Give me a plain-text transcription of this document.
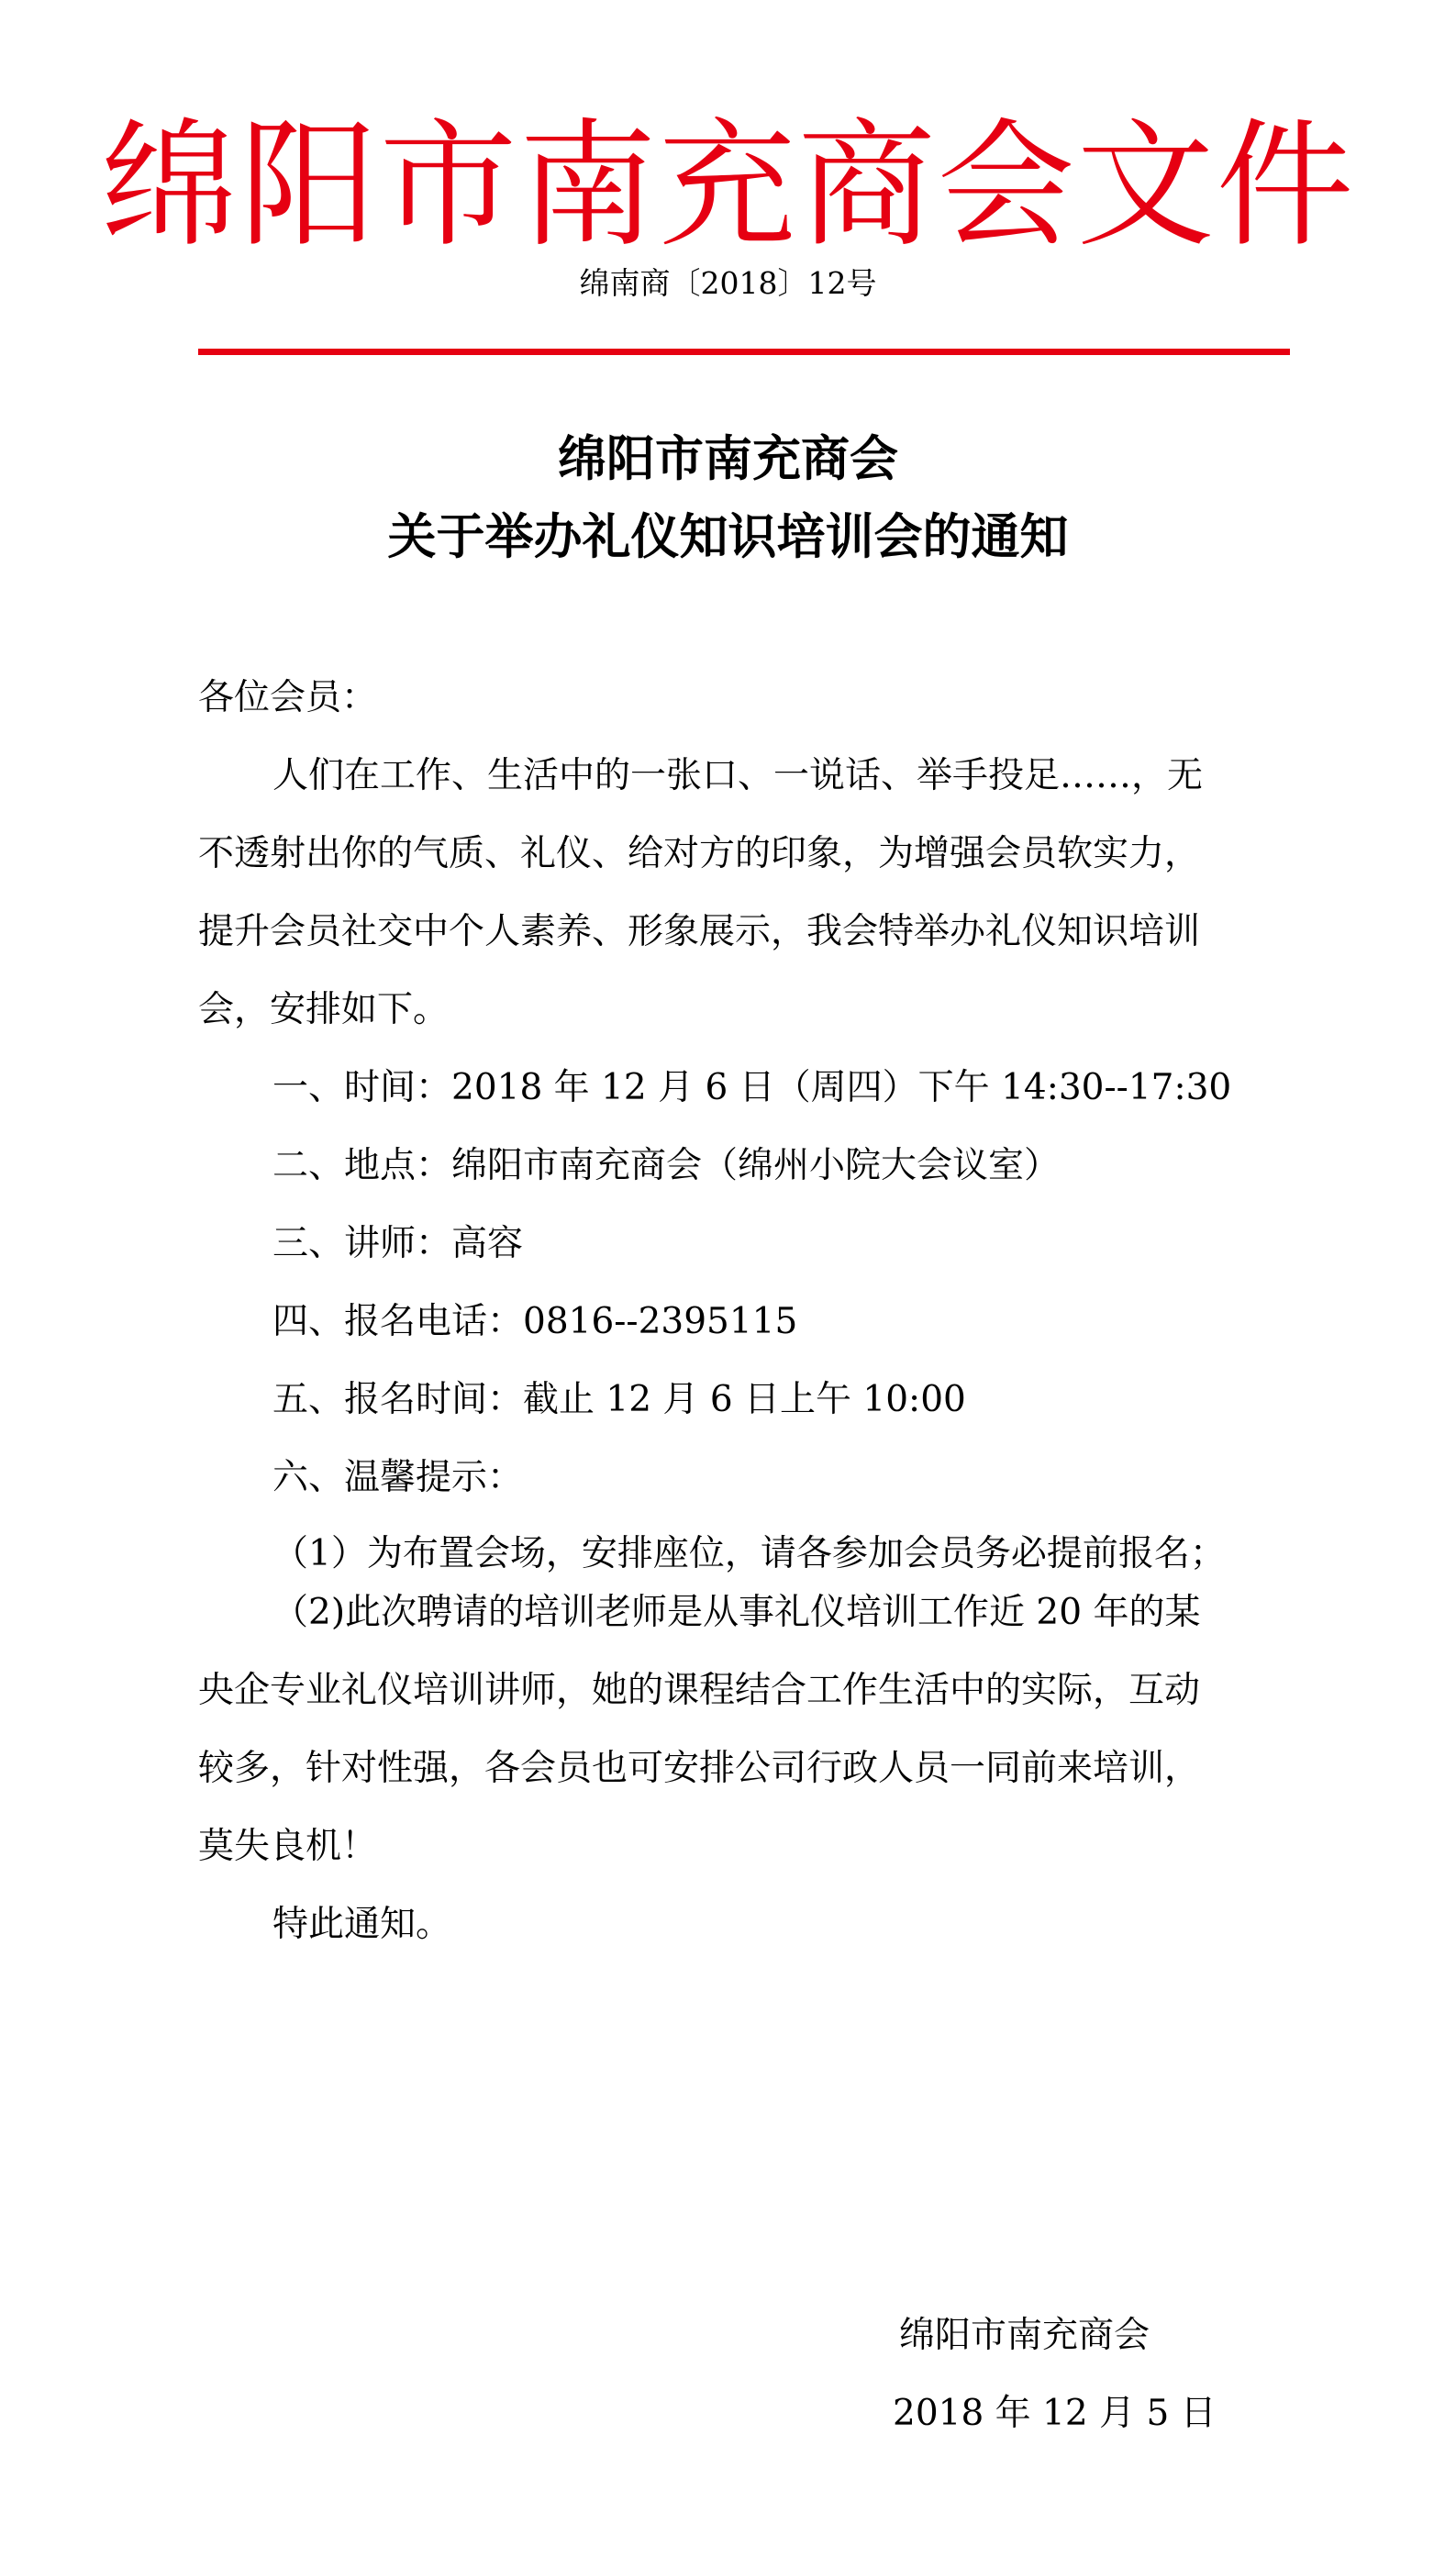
绵阳市南充商会文件
绵南商〔2018〕12号
绵阳市南充商会
关于举办礼仪知识培训会的通知
各位会员：
人们在工作、生活中的一张口、一说话、举手投足……，无
不透射出你的气质、礼仪、给对方的印象，为增强会员软实力，
提升会员社交中个人素养、形象展示，我会特举办礼仪知识培训
会，安排如下。
一、时间：2018 年 12 月 6 日（周四）下午 14:30--17:30
二、地点：绵阳市南充商会（绵州小院大会议室）
三、讲师：高容
四、报名电话：0816--2395115
五、报名时间：截止 12 月 6 日上午 10:00
六、温馨提示：
（1）为布置会场，安排座位，请各参加会员务必提前报名；
（2)此次聘请的培训老师是从事礼仪培训工作近 20 年的某
央企专业礼仪培训讲师，她的课程结合工作生活中的实际，互动
较多，针对性强，各会员也可安排公司行政人员一同前来培训，
莫失良机！
特此通知。
绵阳市南充商会
2018 年 12 月 5 日
